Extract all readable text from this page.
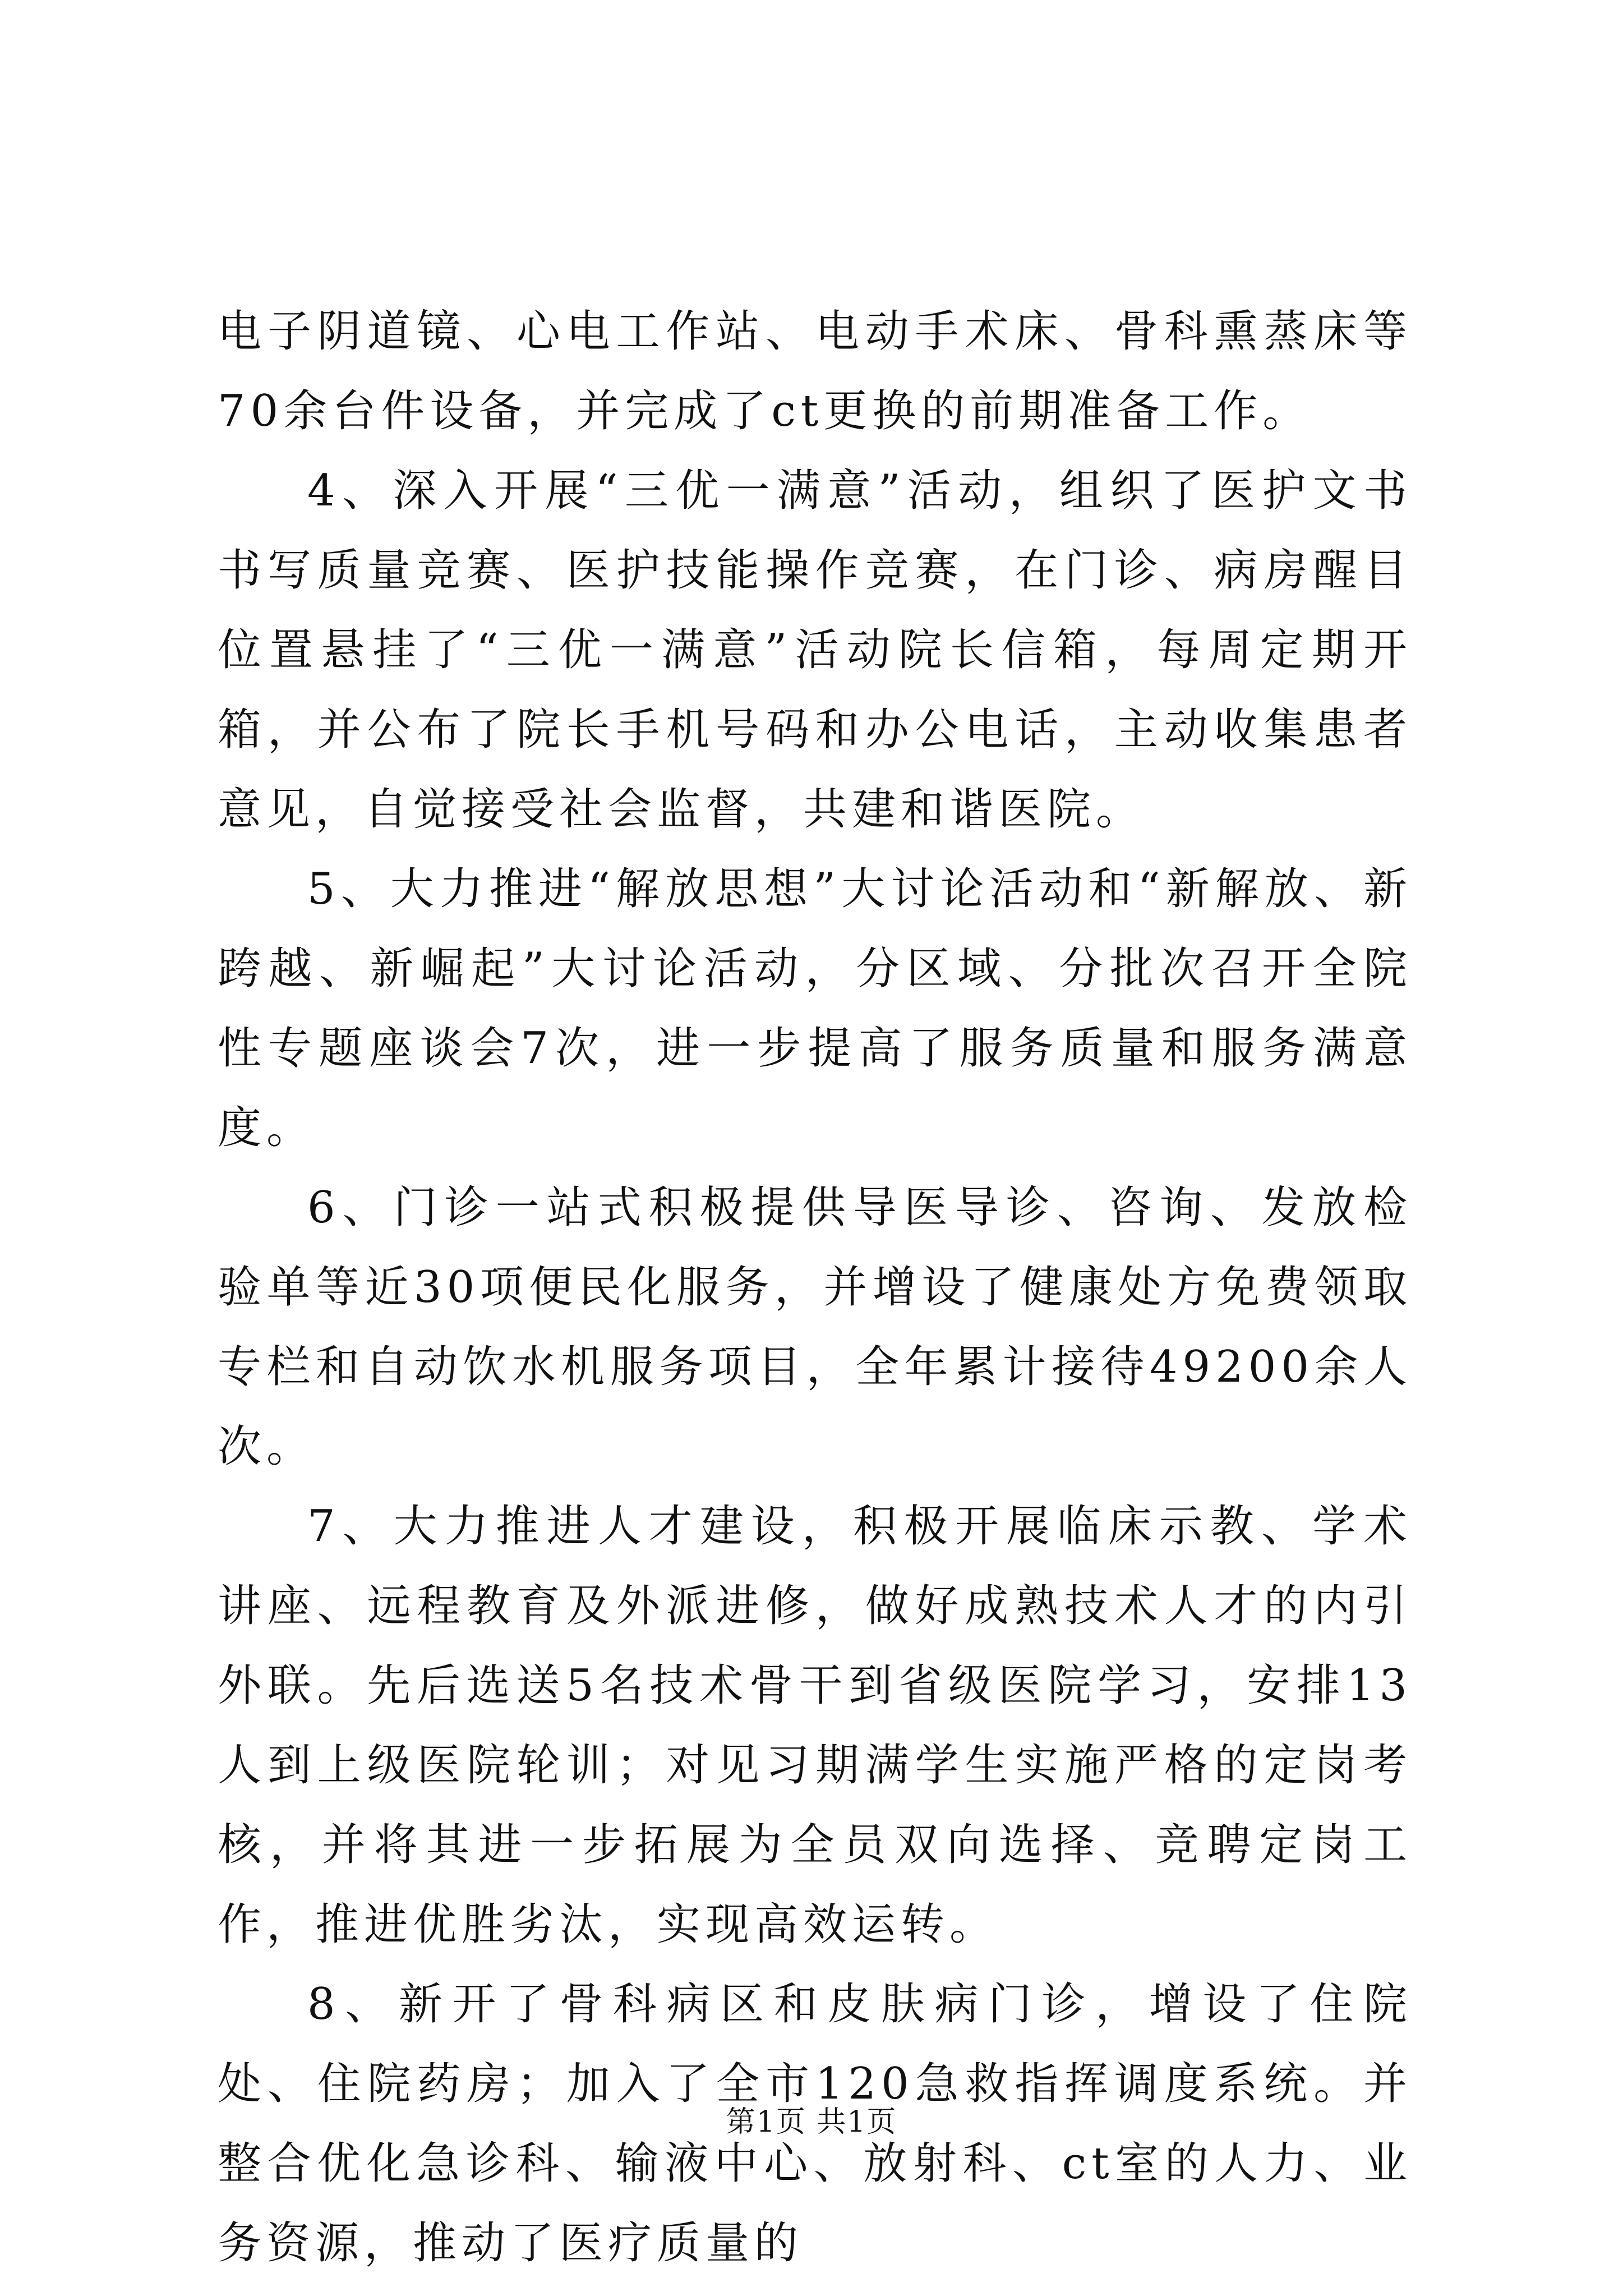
电子阴道镜、心电工作站、电动手术床、骨科熏蒸床等70余台件设备，并完成了ct更换的前期准备工作。

4、深入开展“三优一满意”活动，组织了医护文书书写质量竞赛、医护技能操作竞赛，在门诊、病房醒目位置悬挂了“三优一满意”活动院长信箱，每周定期开箱，并公布了院长手机号码和办公电话，主动收集患者意见，自觉接受社会监督，共建和谐医院。

5、大力推进“解放思想”大讨论活动和“新解放、新跨越、新崛起”大讨论活动，分区域、分批次召开全院性专题座谈会7次，进一步提高了服务质量和服务满意度。

6、门诊一站式积极提供导医导诊、咨询、发放检验单等近30项便民化服务，并增设了健康处方免费领取专栏和自动饮水机服务项目，全年累计接待49200余人次。

7、大力推进人才建设，积极开展临床示教、学术讲座、远程教育及外派进修，做好成熟技术人才的内引外联。先后选送5名技术骨干到省级医院学习，安排13人到上级医院轮训；对见习期满学生实施严格的定岗考核，并将其进一步拓展为全员双向选择、竞聘定岗工作，推进优胜劣汰，实现高效运转。

8、新开了骨科病区和皮肤病门诊，增设了住院处、住院药房；加入了全市120急救指挥调度系统。并整合优化急诊科、输液中心、放射科、ct室的人力、业务资源，推动了医疗质量的

第1页 共1页
